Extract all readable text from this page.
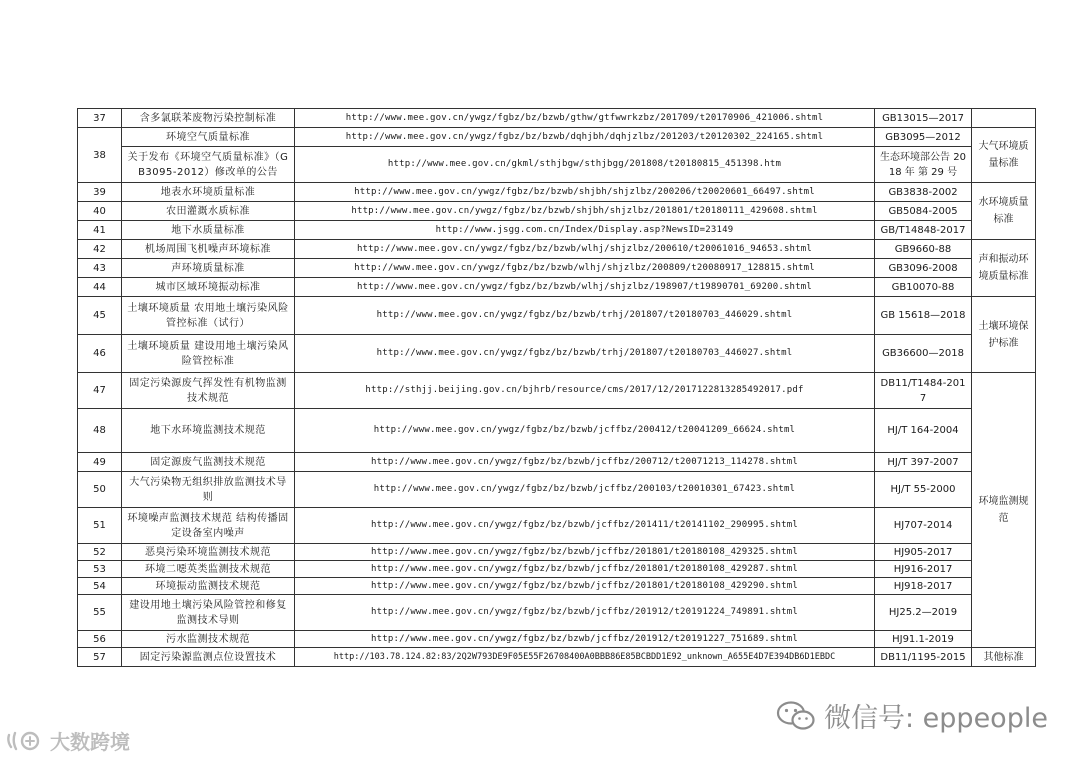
37	含多氯联苯废物污染控制标准	http://www.mee.gov.cn/ywgz/fgbz/bz/bzwb/gthw/gtfwwrkzbz/201709/t20170906_421006.shtml	GB13015—2017	
38	环境空气质量标准	http://www.mee.gov.cn/ywgz/fgbz/bz/bzwb/dqhjbh/dqhjzlbz/201203/t20120302_224165.shtml	GB3095—2012	大气环境质量标准
	关于发布《环境空气质量标准》（GB3095-2012）修改单的公告	http://www.mee.gov.cn/gkml/sthjbgw/sthjbgg/201808/t20180815_451398.htm	生态环境部公告 2018 年 第 29 号	
39	地表水环境质量标准	http://www.mee.gov.cn/ywgz/fgbz/bz/bzwb/shjbh/shjzlbz/200206/t20020601_66497.shtml	GB3838-2002	水环境质量标准
40	农田灌溉水质标准	http://www.mee.gov.cn/ywgz/fgbz/bz/bzwb/shjbh/shjzlbz/201801/t20180111_429608.shtml	GB5084-2005	
41	地下水质量标准	http://www.jsgg.com.cn/Index/Display.asp?NewsID=23149	GB/T14848-2017	
42	机场周围飞机噪声环境标准	http://www.mee.gov.cn/ywgz/fgbz/bz/bzwb/wlhj/shjzlbz/200610/t20061016_94653.shtml	GB9660-88	声和振动环境质量标准
43	声环境质量标准	http://www.mee.gov.cn/ywgz/fgbz/bz/bzwb/wlhj/shjzlbz/200809/t20080917_128815.shtml	GB3096-2008	
44	城市区域环境振动标准	http://www.mee.gov.cn/ywgz/fgbz/bz/bzwb/wlhj/shjzlbz/198907/t19890701_69200.shtml	GB10070-88	
45	土壤环境质量 农用地土壤污染风险管控标准（试行）	http://www.mee.gov.cn/ywgz/fgbz/bz/bzwb/trhj/201807/t20180703_446029.shtml	GB 15618—2018	土壤环境保护标准
46	土壤环境质量 建设用地土壤污染风险管控标准	http://www.mee.gov.cn/ywgz/fgbz/bz/bzwb/trhj/201807/t20180703_446027.shtml	GB36600—2018	
47	固定污染源废气挥发性有机物监测技术规范	http://sthjj.beijing.gov.cn/bjhrb/resource/cms/2017/12/2017122813285492017.pdf	DB11/T1484-2017	环境监测规范
48	地下水环境监测技术规范	http://www.mee.gov.cn/ywgz/fgbz/bz/bzwb/jcffbz/200412/t20041209_66624.shtml	HJ/T 164-2004	
49	固定源废气监测技术规范	http://www.mee.gov.cn/ywgz/fgbz/bz/bzwb/jcffbz/200712/t20071213_114278.shtml	HJ/T 397-2007	
50	大气污染物无组织排放监测技术导则	http://www.mee.gov.cn/ywgz/fgbz/bz/bzwb/jcffbz/200103/t20010301_67423.shtml	HJ/T 55-2000	
51	环境噪声监测技术规范 结构传播固定设备室内噪声	http://www.mee.gov.cn/ywgz/fgbz/bz/bzwb/jcffbz/201411/t20141102_290995.shtml	HJ707-2014	
52	恶臭污染环境监测技术规范	http://www.mee.gov.cn/ywgz/fgbz/bz/bzwb/jcffbz/201801/t20180108_429325.shtml	HJ905-2017	
53	环境二噁英类监测技术规范	http://www.mee.gov.cn/ywgz/fgbz/bz/bzwb/jcffbz/201801/t20180108_429287.shtml	HJ916-2017	
54	环境振动监测技术规范	http://www.mee.gov.cn/ywgz/fgbz/bz/bzwb/jcffbz/201801/t20180108_429290.shtml	HJ918-2017	
55	建设用地土壤污染风险管控和修复 监测技术导则	http://www.mee.gov.cn/ywgz/fgbz/bz/bzwb/jcffbz/201912/t20191224_749891.shtml	HJ25.2—2019	
56	污水监测技术规范	http://www.mee.gov.cn/ywgz/fgbz/bz/bzwb/jcffbz/201912/t20191227_751689.shtml	HJ91.1-2019	
57	固定污染源监测点位设置技术	http://103.78.124.82:83/2Q2W793DE9F05E55F26708400A0BBB86E85BCBDD1E92_unknown_A655E4D7E394DB6D1EBDC	DB11/1195-2015	其他标准
微信号: eppeople
大数跨境
